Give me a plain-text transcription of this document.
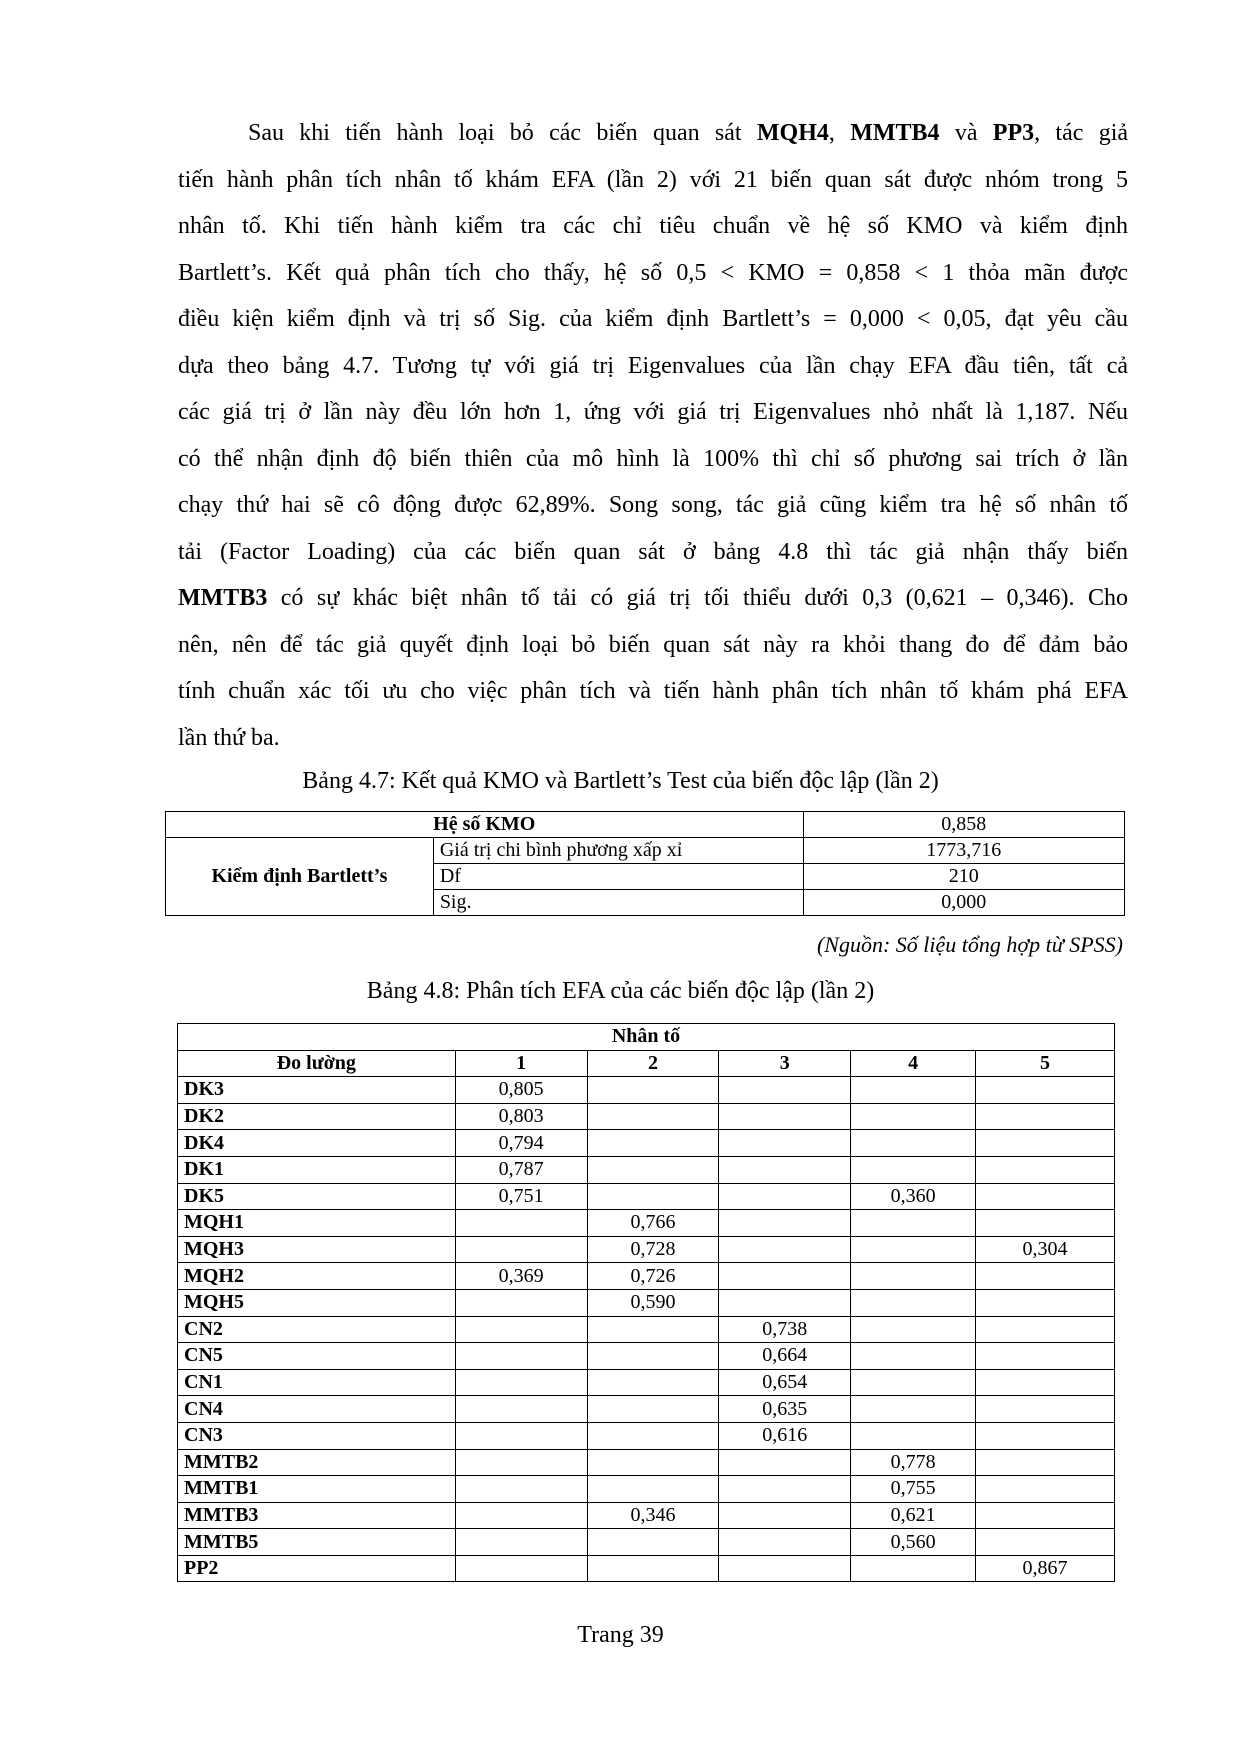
Sau khi tiến hành loại bỏ các biến quan sát MQH4, MMTB4 và PP3, tác giả
tiến hành phân tích nhân tố khám EFA (lần 2) với 21 biến quan sát được nhóm trong 5
nhân tố. Khi tiến hành kiểm tra các chỉ tiêu chuẩn về hệ số KMO và kiểm định
Bartlett’s. Kết quả phân tích cho thấy, hệ số 0,5 < KMO = 0,858 < 1 thỏa mãn được
điều kiện kiểm định và trị số Sig. của kiểm định Bartlett’s = 0,000 < 0,05, đạt yêu cầu
dựa theo bảng 4.7. Tương tự với giá trị Eigenvalues của lần chạy EFA đầu tiên, tất cả
các giá trị ở lần này đều lớn hơn 1, ứng với giá trị Eigenvalues nhỏ nhất là 1,187. Nếu
có thể nhận định độ biến thiên của mô hình là 100% thì chỉ số phương sai trích ở lần
chạy thứ hai sẽ cô động được 62,89%. Song song, tác giả cũng kiểm tra hệ số nhân tố
tải (Factor Loading) của các biến quan sát ở bảng 4.8 thì tác giả nhận thấy biến
MMTB3 có sự khác biệt nhân tố tải có giá trị tối thiểu dưới 0,3 (0,621 – 0,346). Cho
nên, nên để tác giả quyết định loại bỏ biến quan sát này ra khỏi thang đo để đảm bảo
tính chuẩn xác tối ưu cho việc phân tích và tiến hành phân tích nhân tố khám phá EFA
lần thứ ba.
Bảng 4.7: Kết quả KMO và Bartlett’s Test của biến độc lập (lần 2)
Hệ số KMO		0,858
Kiểm định Bartlett’s	Giá trị chi bình phương xấp xỉ	1773,716
	Df	210
	Sig.	0,000
(Nguồn: Số liệu tổng hợp từ SPSS)
Bảng 4.8: Phân tích EFA của các biến độc lập (lần 2)
Nhân tố					
Đo lường	1	2	3	4	5
DK3	0,805				
DK2	0,803				
DK4	0,794				
DK1	0,787				
DK5	0,751			0,360	
MQH1		0,766			
MQH3		0,728			0,304
MQH2	0,369	0,726			
MQH5		0,590			
CN2			0,738		
CN5			0,664		
CN1			0,654		
CN4			0,635		
CN3			0,616		
MMTB2				0,778	
MMTB1				0,755	
MMTB3		0,346		0,621	
MMTB5				0,560	
PP2					0,867
Trang 39
